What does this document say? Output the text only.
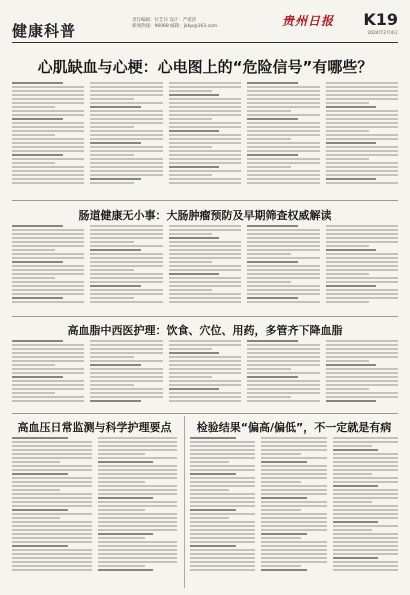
健康科普
责任编辑：付艺丹 设计：严希萍
新闻热线：96068 邮箱：jkkp@163.com	贵州日报 K19
2024年2月4日
心肌缺血与心梗：心电图上的“危险信号”有哪些？
肠道健康无小事：大肠肿瘤预防及早期筛查权威解读
高血脂中西医护理：饮食、穴位、用药，多管齐下降血脂
高血压日常监测与科学护理要点	检验结果“偏高/偏低”，不一定就是有病
